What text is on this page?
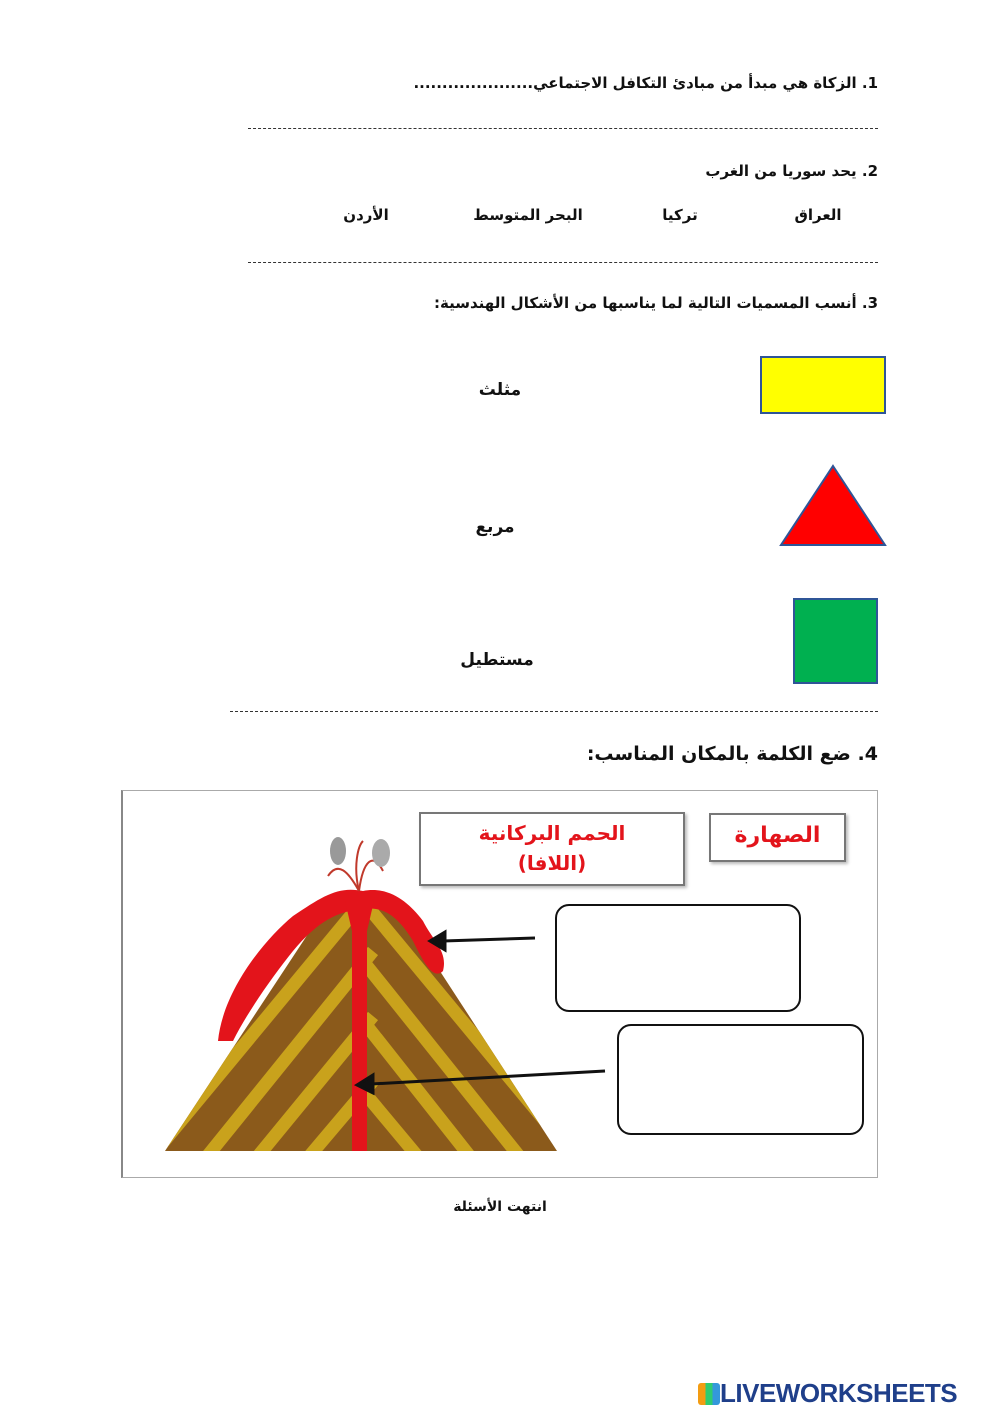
1. الزكاة هي مبدأ من مبادئ التكافل الاجتماعي.....................
2. يحد سوريا من الغرب
العراق
تركيا
البحر المتوسط
الأردن
3. أنسب المسميات التالية لما يناسبها من الأشكال الهندسية:
مثلث
مربع
مستطيل
4. ضع الكلمة بالمكان المناسب:
الحمم البركانية
(اللافا)
الصهارة
انتهت الأسئلة
LIVEWORKSHEETS
